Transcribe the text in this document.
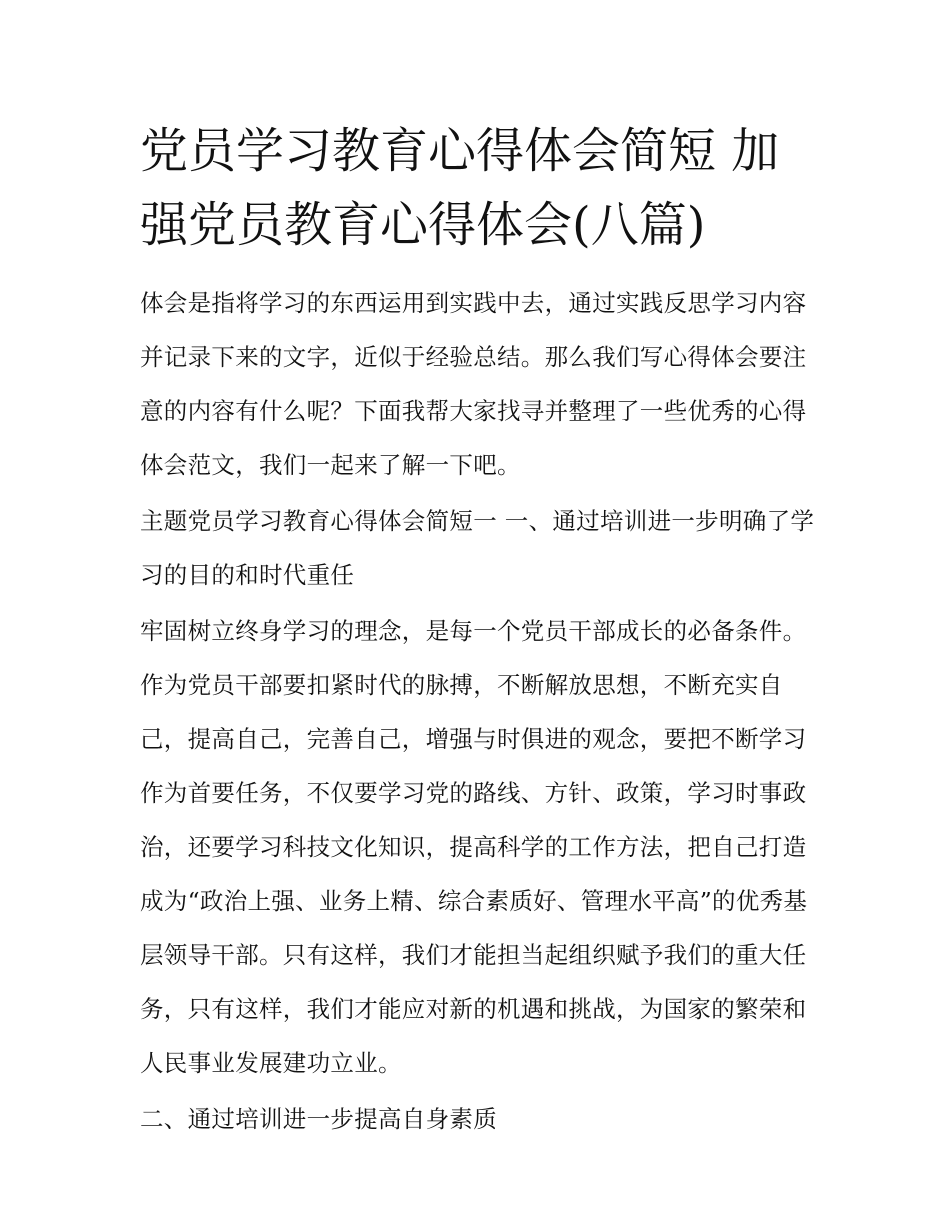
党员学习教育心得体会简短 加强党员教育心得体会(八篇)

体会是指将学习的东西运用到实践中去，通过实践反思学习内容并记录下来的文字，近似于经验总结。那么我们写心得体会要注意的内容有什么呢？下面我帮大家找寻并整理了一些优秀的心得体会范文，我们一起来了解一下吧。

主题党员学习教育心得体会简短一 一、通过培训进一步明确了学习的目的和时代重任

牢固树立终身学习的理念，是每一个党员干部成长的必备条件。作为党员干部要扣紧时代的脉搏，不断解放思想，不断充实自己，提高自己，完善自己，增强与时俱进的观念，要把不断学习作为首要任务，不仅要学习党的路线、方针、政策，学习时事政治，还要学习科技文化知识，提高科学的工作方法，把自己打造成为“政治上强、业务上精、综合素质好、管理水平高”的优秀基层领导干部。只有这样，我们才能担当起组织赋予我们的重大任务，只有这样，我们才能应对新的机遇和挑战，为国家的繁荣和人民事业发展建功立业。

二、通过培训进一步提高自身素质
